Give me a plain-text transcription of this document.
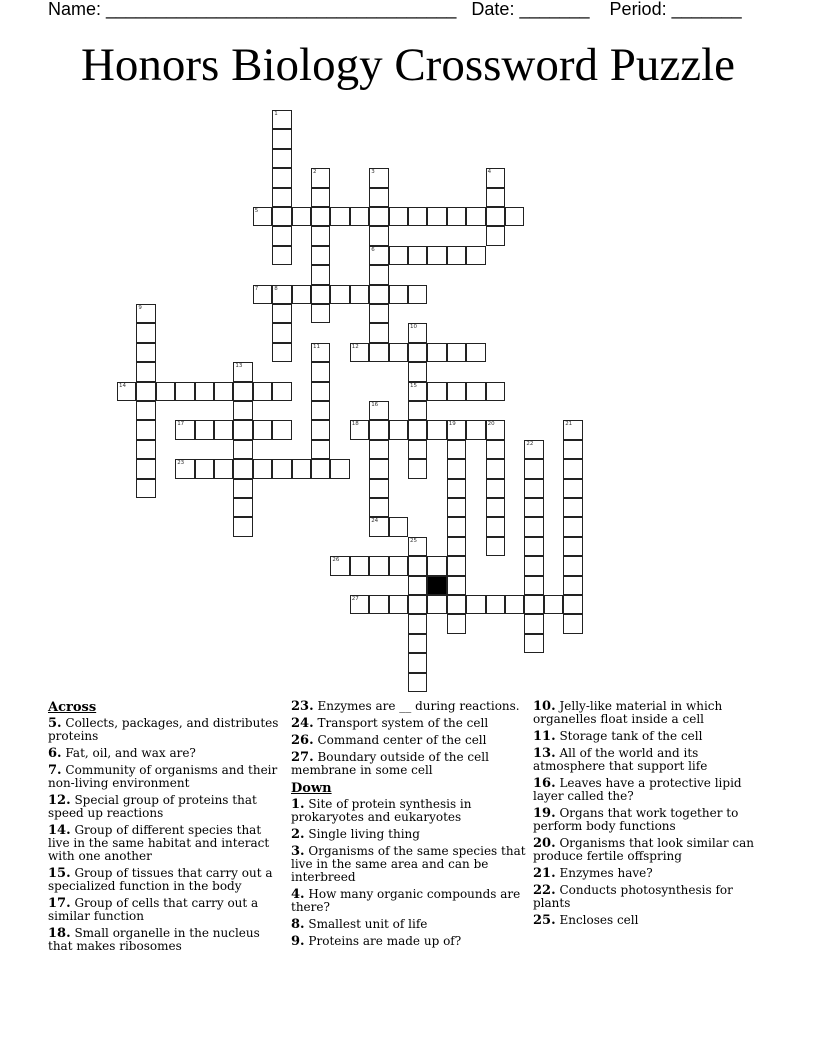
Name: ___________________________________ Date: _______ Period: _______
Honors Biology Crossword Puzzle
5
6
7	8
12
14	15
17	18	19	20
23
24
26
27
1
2	3	4
9
10
11
13
16
21
22
25
Across
5. Collects, packages, and distributes proteins
6. Fat, oil, and wax are?
7. Community of organisms and their non-living environment
12. Special group of proteins that speed up reactions
14. Group of different species that live in the same habitat and interact with one another
15. Group of tissues that carry out a specialized function in the body
17. Group of cells that carry out a similar function
18. Small organelle in the nucleus that makes ribosomes
23. Enzymes are __ during reactions.
24. Transport system of the cell
26. Command center of the cell
27. Boundary outside of the cell membrane in some cell
Down
1. Site of protein synthesis in prokaryotes and eukaryotes
2. Single living thing
3. Organisms of the same species that live in the same area and can be interbreed
4. How many organic compounds are there?
8. Smallest unit of life
9. Proteins are made up of?
10. Jelly-like material in which organelles float inside a cell
11. Storage tank of the cell
13. All of the world and its atmosphere that support life
16. Leaves have a protective lipid layer called the?
19. Organs that work together to perform body functions
20. Organisms that look similar can produce fertile offspring
21. Enzymes have?
22. Conducts photosynthesis for plants
25. Encloses cell
